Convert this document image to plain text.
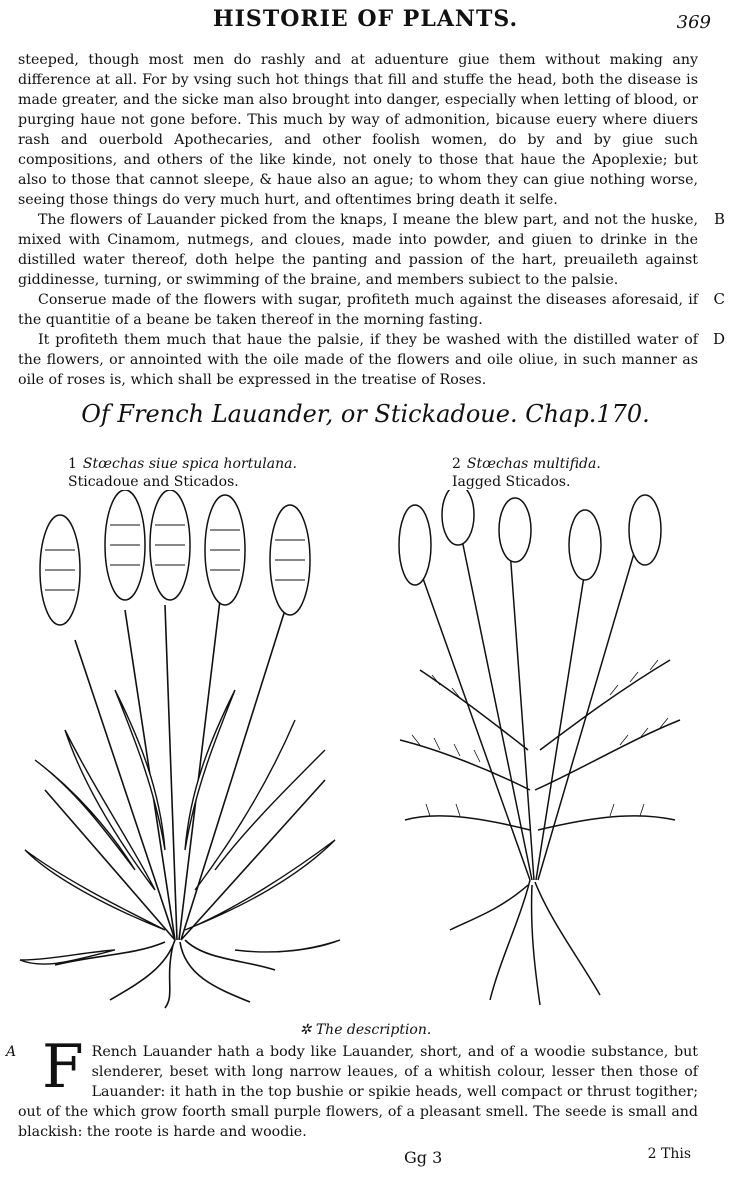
HISTORIE OF PLANTS.	369

steeped, though most men do rashly and at aduenture giue them without making any difference at all. For by vsing such hot things that fill and stuffe the head, both the disease is made greater, and the sicke man also brought into danger, especially when letting of blood, or purging haue not gone before. This much by way of admonition, bicause euery where diuers rash and ouerbold Apothecaries, and other foolish women, do by and by giue such compositions, and others of the like kinde, not onely to those that haue the Apoplexie; but also to those that cannot sleepe, & haue also an ague; to whom they can giue nothing worse, seeing those things do very much hurt, and oftentimes bring death it selfe.

The flowers of Lauander picked from the knaps, I meane the blew part, and not the huske, mixed with Cinamom, nutmegs, and cloues, made into powder, and giuen to drinke in the distilled water thereof, doth helpe the panting and passion of the hart, preuaileth against giddinesse, turning, or swimming of the braine, and members subiect to the palsie.

Conserue made of the flowers with sugar, profiteth much against the diseases aforesaid, if the quantitie of a beane be taken thereof in the morning fasting.

It profiteth them much that haue the palsie, if they be washed with the distilled water of the flowers, or annointed with the oile made of the flowers and oile oliue, in such manner as oile of roses is, which shall be expressed in the treatise of Roses.

B
C
D
Of French Lauander, or Stickadoue. Chap.170.
1 Stœchas siue spica hortulana.
Sticadoue and Sticados.
2 Stœchas multifida.
Iagged Sticados.
✲ The description.
A F Rench Lauander hath a body like Lauander, short, and of a woodie substance, but slenderer, beset with long narrow leaues, of a whitish colour, lesser then those of Lauander: it hath in the top bushie or spikie heads, well compact or thrust togither; out of the which grow foorth small purple flowers, of a pleasant smell. The seede is small and blackish: the roote is harde and woodie.
Gg 3	2 This
